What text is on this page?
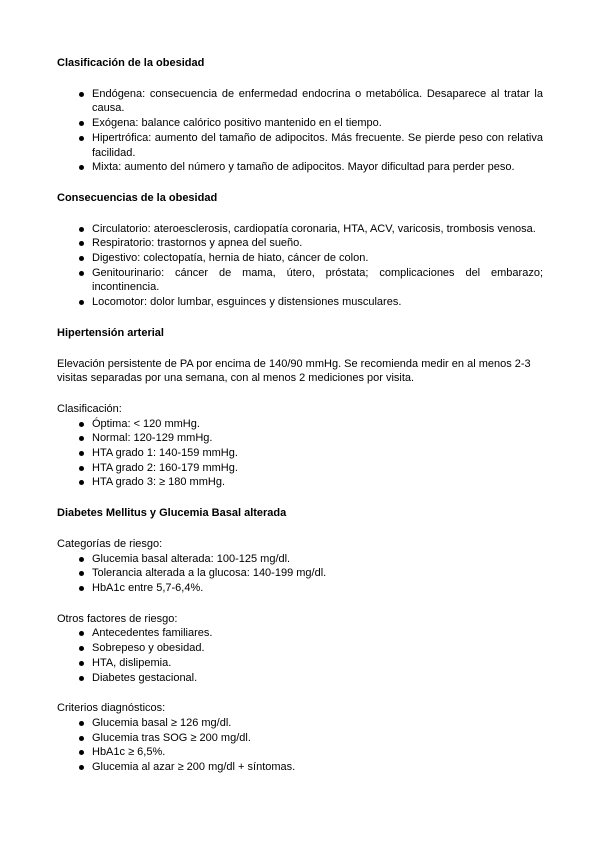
Clasificación de la obesidad
Endógena: consecuencia de enfermedad endocrina o metabólica. Desaparece al tratar la causa.
Exógena: balance calórico positivo mantenido en el tiempo.
Hipertrófica: aumento del tamaño de adipocitos. Más frecuente. Se pierde peso con relativa facilidad.
Mixta: aumento del número y tamaño de adipocitos. Mayor dificultad para perder peso.
Consecuencias de la obesidad
Circulatorio: ateroesclerosis, cardiopatía coronaria, HTA, ACV, varicosis, trombosis venosa.
Respiratorio: trastornos y apnea del sueño.
Digestivo: colectopatía, hernia de hiato, cáncer de colon.
Genitourinario: cáncer de mama, útero, próstata; complicaciones del embarazo; incontinencia.
Locomotor: dolor lumbar, esguinces y distensiones musculares.
Hipertensión arterial

Elevación persistente de PA por encima de 140/90 mmHg. Se recomienda medir en al menos 2-3 visitas separadas por una semana, con al menos 2 mediciones por visita.

Clasificación:

Óptima: < 120 mmHg.
Normal: 120-129 mmHg.
HTA grado 1: 140-159 mmHg.
HTA grado 2: 160-179 mmHg.
HTA grado 3: ≥ 180 mmHg.
Diabetes Mellitus y Glucemia Basal alterada

Categorías de riesgo:

Glucemia basal alterada: 100-125 mg/dl.
Tolerancia alterada a la glucosa: 140-199 mg/dl.
HbA1c entre 5,7-6,4%.

Otros factores de riesgo:

Antecedentes familiares.
Sobrepeso y obesidad.
HTA, dislipemia.
Diabetes gestacional.

Criterios diagnósticos:

Glucemia basal ≥ 126 mg/dl.
Glucemia tras SOG ≥ 200 mg/dl.
HbA1c ≥ 6,5%.
Glucemia al azar ≥ 200 mg/dl + síntomas.
